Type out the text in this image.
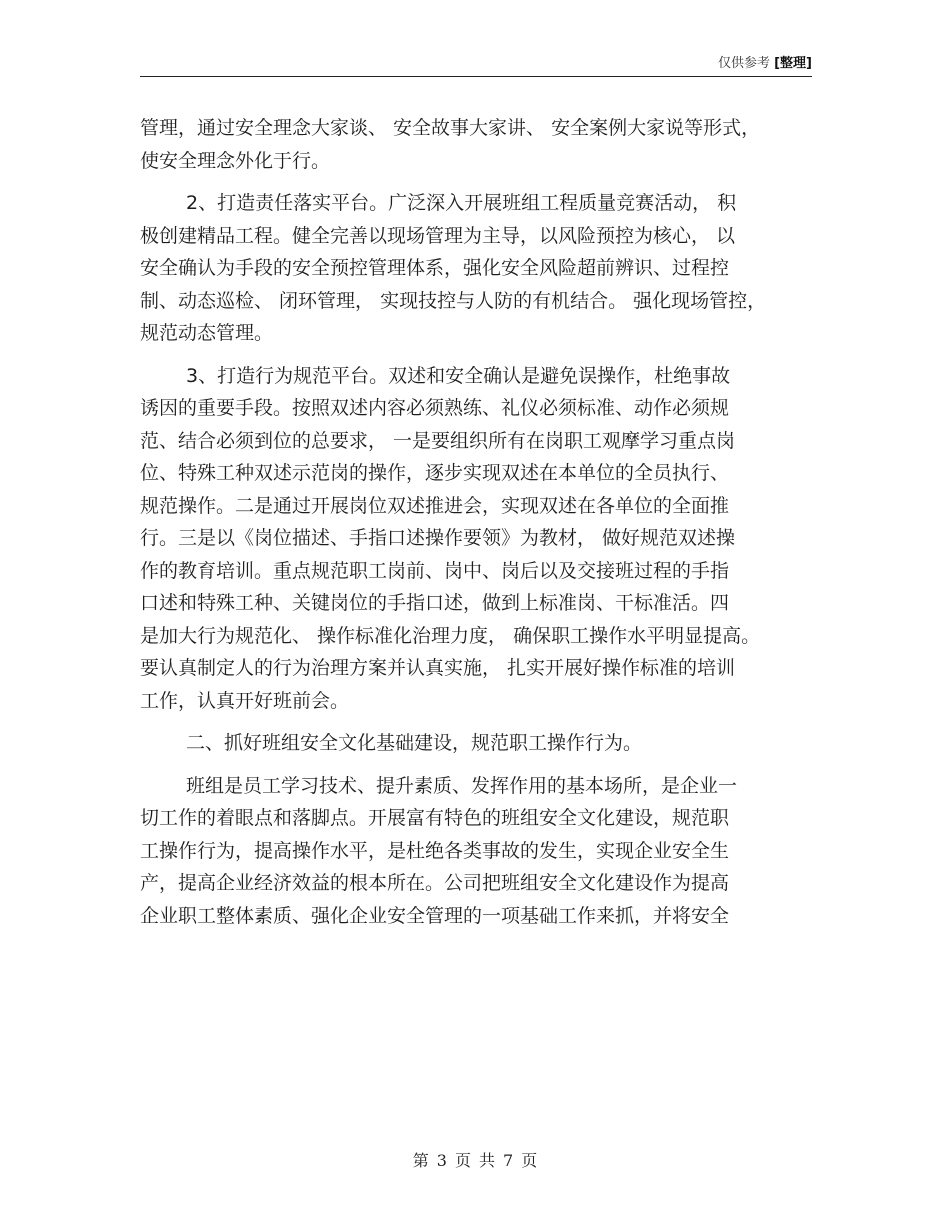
仅供参考 [整理]
管理，通过安全理念大家谈、 安全故事大家讲、 安全案例大家说等形式，
使安全理念外化于行。
2、打造责任落实平台。广泛深入开展班组工程质量竞赛活动， 积
极创建精品工程。健全完善以现场管理为主导，以风险预控为核心， 以
安全确认为手段的安全预控管理体系，强化安全风险超前辨识、过程控
制、动态巡检、 闭环管理， 实现技控与人防的有机结合。 强化现场管控，
规范动态管理。
3、打造行为规范平台。双述和安全确认是避免误操作，杜绝事故
诱因的重要手段。按照双述内容必须熟练、礼仪必须标准、动作必须规
范、结合必须到位的总要求， 一是要组织所有在岗职工观摩学习重点岗
位、特殊工种双述示范岗的操作，逐步实现双述在本单位的全员执行、
规范操作。二是通过开展岗位双述推进会，实现双述在各单位的全面推
行。三是以《岗位描述、手指口述操作要领》为教材， 做好规范双述操
作的教育培训。重点规范职工岗前、岗中、岗后以及交接班过程的手指
口述和特殊工种、关键岗位的手指口述，做到上标准岗、干标准活。四
是加大行为规范化、 操作标准化治理力度， 确保职工操作水平明显提高。
要认真制定人的行为治理方案并认真实施， 扎实开展好操作标准的培训
工作，认真开好班前会。
二、抓好班组安全文化基础建设，规范职工操作行为。
班组是员工学习技术、提升素质、发挥作用的基本场所，是企业一
切工作的着眼点和落脚点。开展富有特色的班组安全文化建设，规范职
工操作行为，提高操作水平，是杜绝各类事故的发生，实现企业安全生
产，提高企业经济效益的根本所在。公司把班组安全文化建设作为提高
企业职工整体素质、强化企业安全管理的一项基础工作来抓，并将安全
第 3 页 共 7 页
